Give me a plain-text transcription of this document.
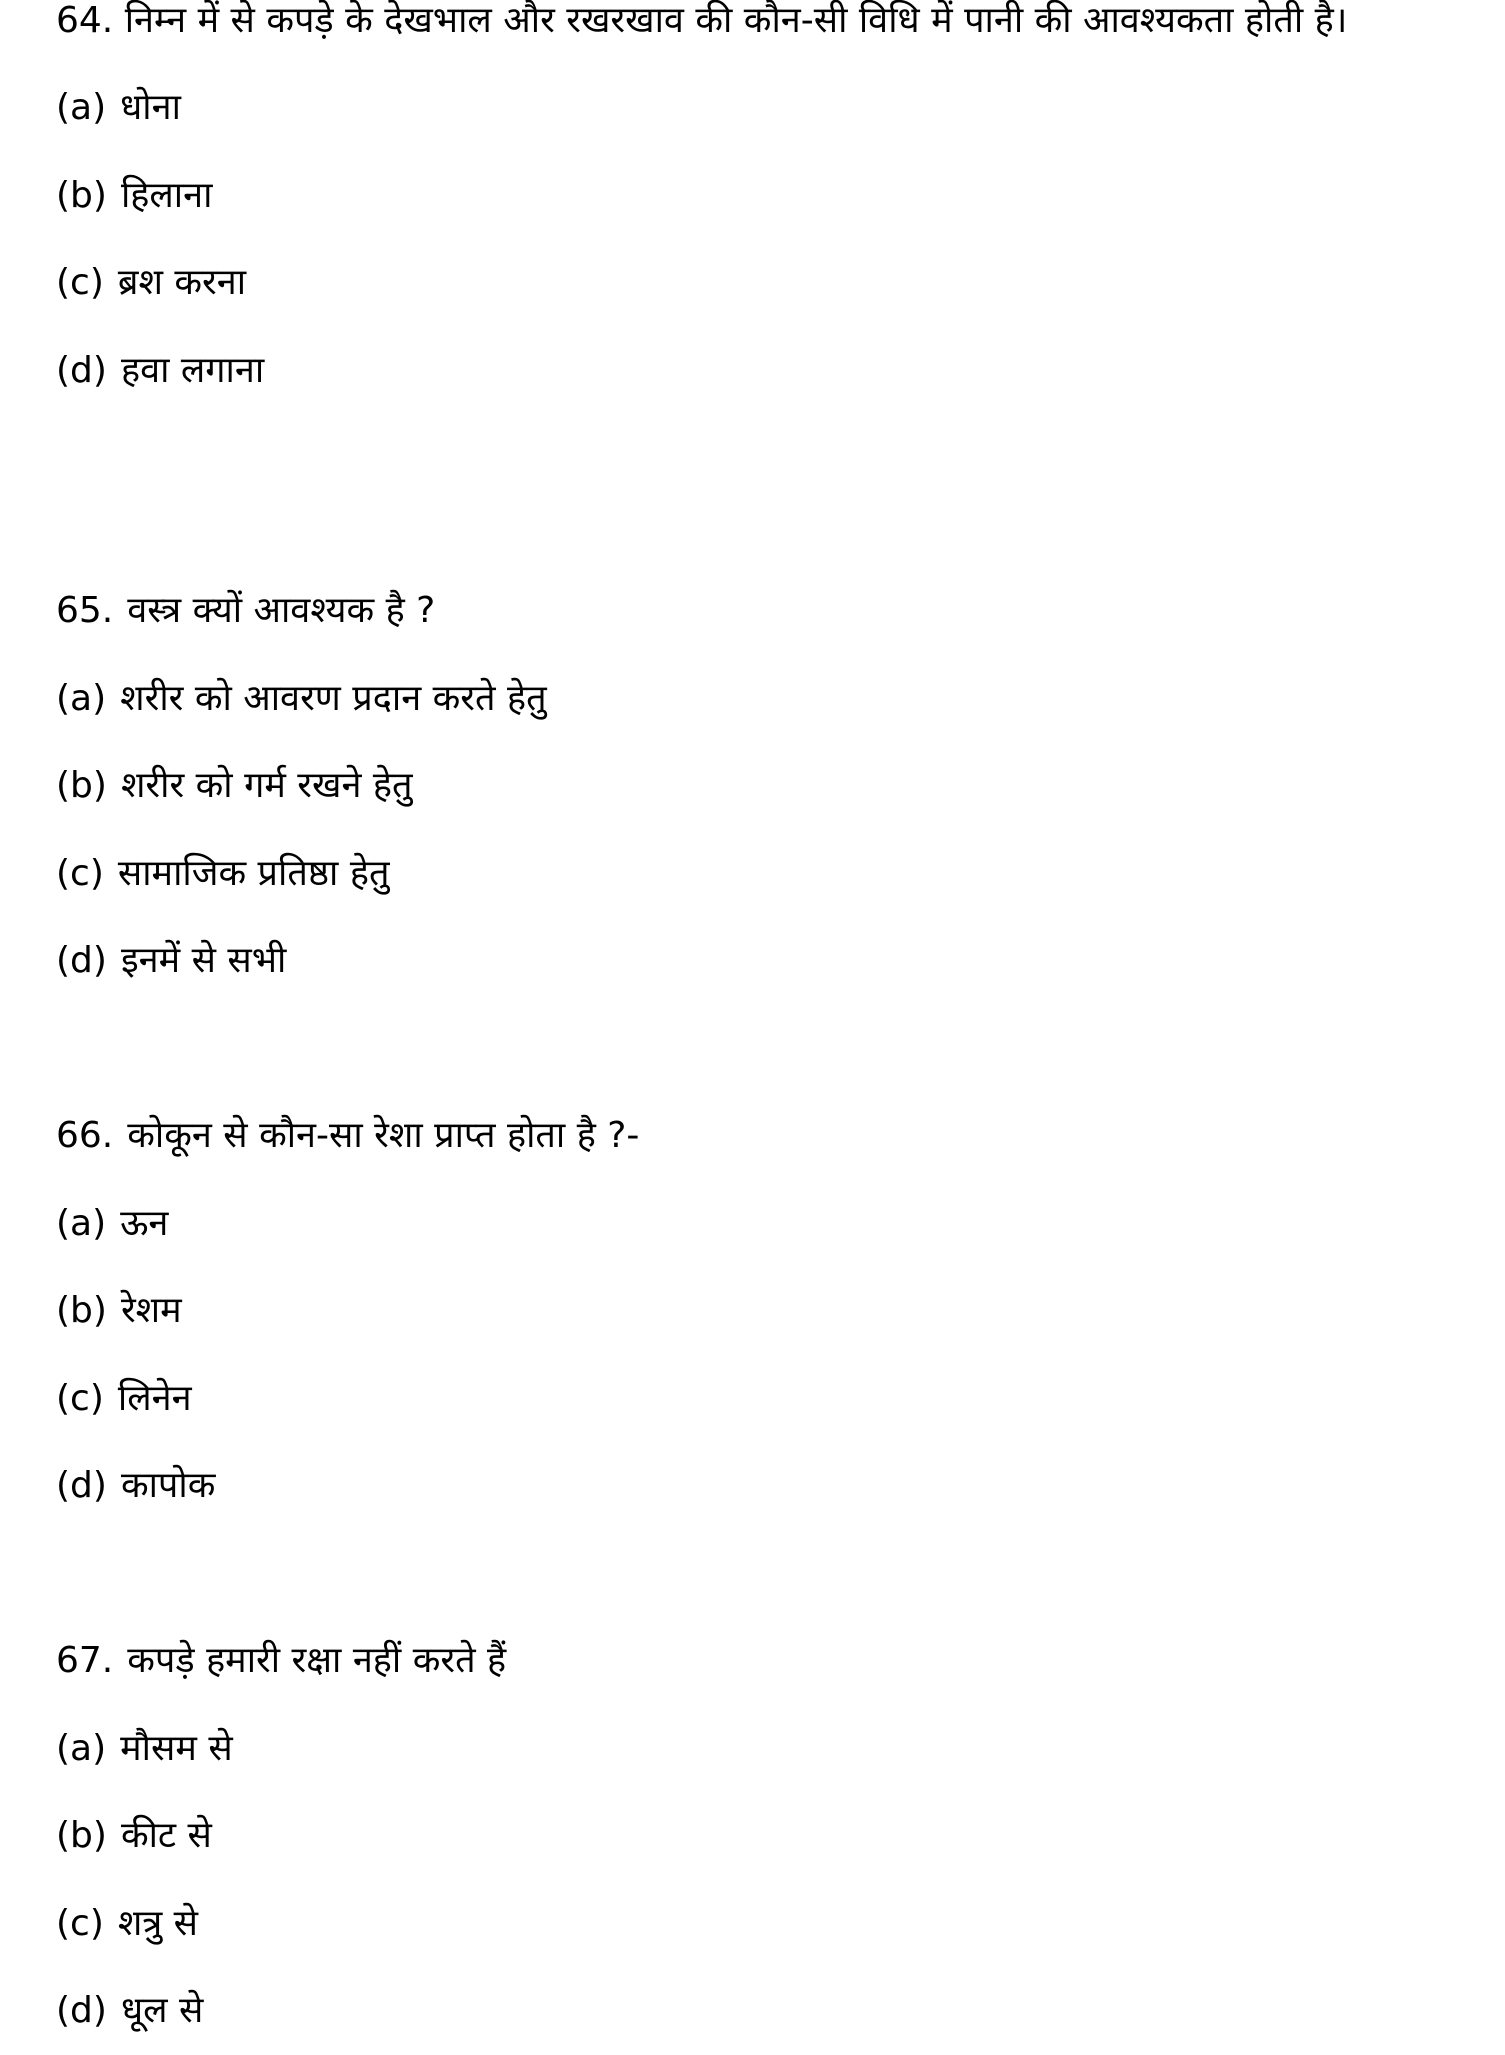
64. निम्न में से कपड़े के देखभाल और रखरखाव की कौन-सी विधि में पानी की आवश्यकता होती है।
(a) धोना
(b) हिलाना
(c) ब्रश करना
(d) हवा लगाना
65. वस्त्र क्यों आवश्यक है ?
(a) शरीर को आवरण प्रदान करते हेतु
(b) शरीर को गर्म रखने हेतु
(c) सामाजिक प्रतिष्ठा हेतु
(d) इनमें से सभी
66. कोकून से कौन-सा रेशा प्राप्त होता है ?-
(a) ऊन
(b) रेशम
(c) लिनेन
(d) कापोक
67. कपड़े हमारी रक्षा नहीं करते हैं
(a) मौसम से
(b) कीट से
(c) शत्रु से
(d) धूल से
